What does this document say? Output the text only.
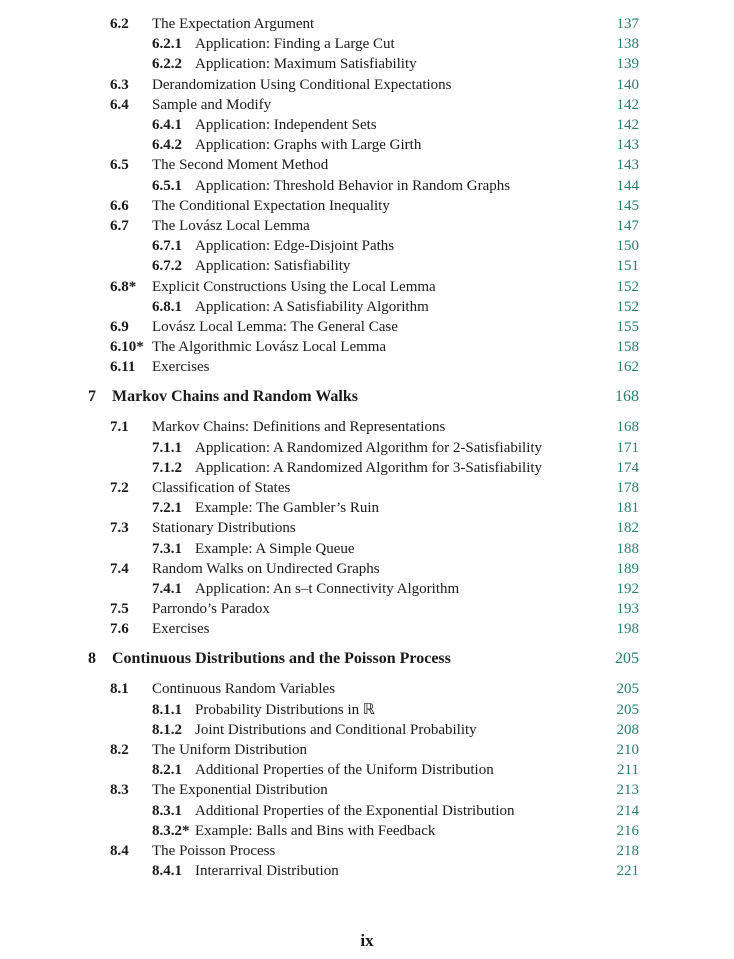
6.2 The Expectation Argument	137
6.2.1 Application: Finding a Large Cut	138
6.2.2 Application: Maximum Satisfiability	139
6.3 Derandomization Using Conditional Expectations	140
6.4 Sample and Modify	142
6.4.1 Application: Independent Sets	142
6.4.2 Application: Graphs with Large Girth	143
6.5 The Second Moment Method	143
6.5.1 Application: Threshold Behavior in Random Graphs	144
6.6 The Conditional Expectation Inequality	145
6.7 The Lovász Local Lemma	147
6.7.1 Application: Edge-Disjoint Paths	150
6.7.2 Application: Satisfiability	151
6.8* Explicit Constructions Using the Local Lemma	152
6.8.1 Application: A Satisfiability Algorithm	152
6.9 Lovász Local Lemma: The General Case	155
6.10* The Algorithmic Lovász Local Lemma	158
6.11 Exercises	162
7 Markov Chains and Random Walks	168
7.1 Markov Chains: Definitions and Representations	168
7.1.1 Application: A Randomized Algorithm for 2-Satisfiability	171
7.1.2 Application: A Randomized Algorithm for 3-Satisfiability	174
7.2 Classification of States	178
7.2.1 Example: The Gambler’s Ruin	181
7.3 Stationary Distributions	182
7.3.1 Example: A Simple Queue	188
7.4 Random Walks on Undirected Graphs	189
7.4.1 Application: An s–t Connectivity Algorithm	192
7.5 Parrondo’s Paradox	193
7.6 Exercises	198
8 Continuous Distributions and the Poisson Process	205
8.1 Continuous Random Variables	205
8.1.1 Probability Distributions in ℝ	205
8.1.2 Joint Distributions and Conditional Probability	208
8.2 The Uniform Distribution	210
8.2.1 Additional Properties of the Uniform Distribution	211
8.3 The Exponential Distribution	213
8.3.1 Additional Properties of the Exponential Distribution	214
8.3.2* Example: Balls and Bins with Feedback	216
8.4 The Poisson Process	218
8.4.1 Interarrival Distribution	221
ix
